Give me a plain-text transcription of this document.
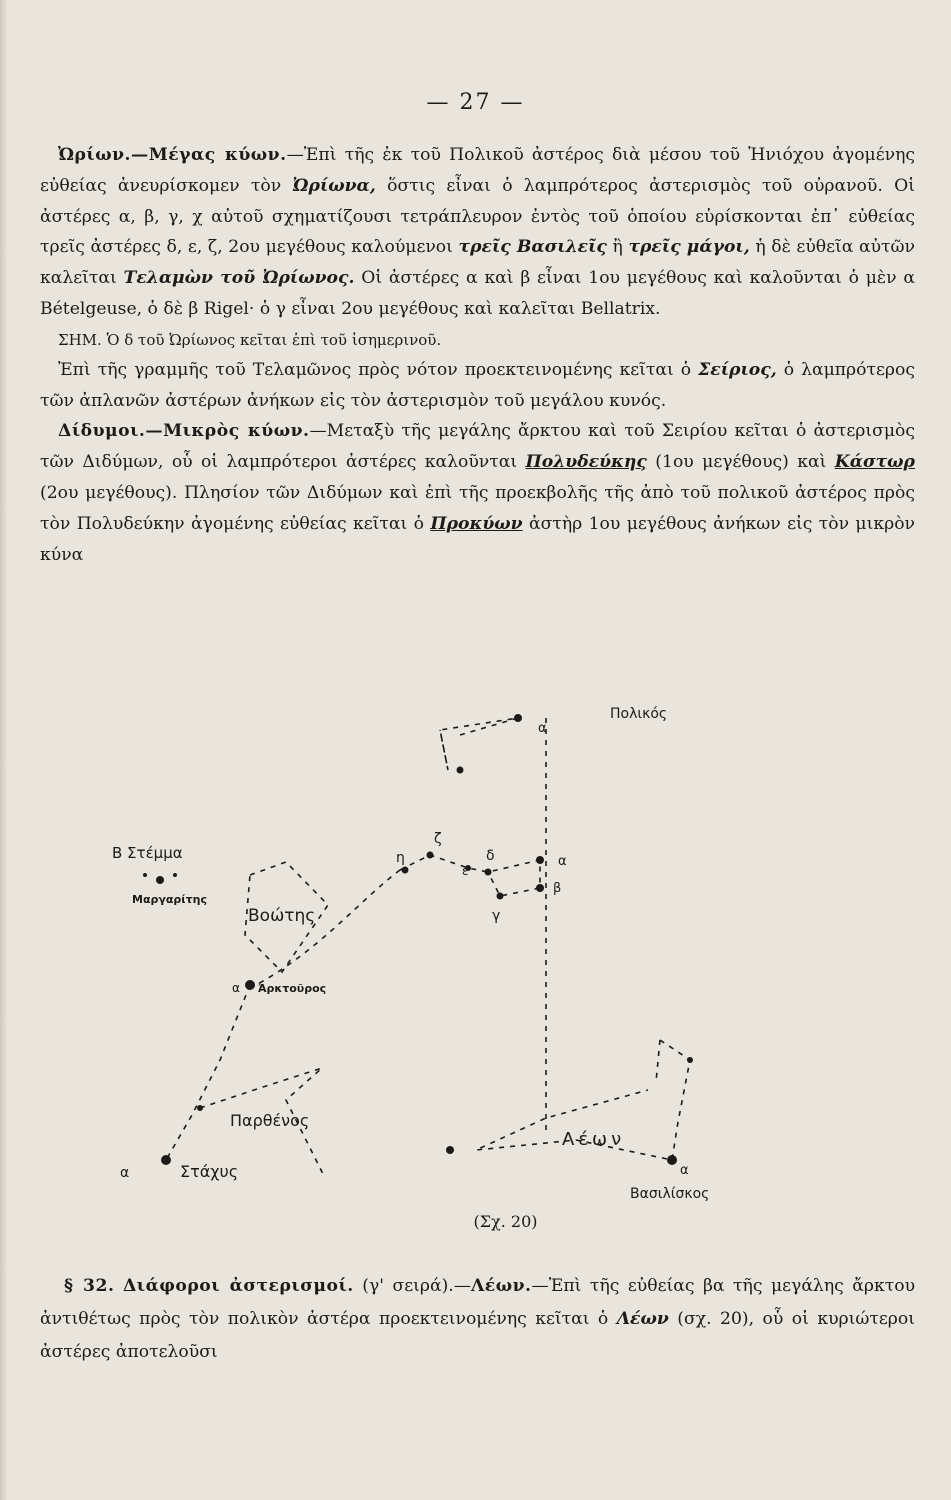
— 27 —

Ὠρίων.—Μέγας κύων.—Ἐπὶ τῆς ἐκ τοῦ Πολικοῦ ἀστέρος διὰ μέσου τοῦ Ἡνιόχου ἀγομένης εὐθείας ἀνευρίσκομεν τὸν Ὠρίωνα, ὅστις εἶναι ὁ λαμπρότερος ἀστερισμὸς τοῦ οὐρανοῦ. Οἱ ἀστέρες α, β, γ, χ αὐτοῦ σχηματίζουσι τετράπλευρον ἐντὸς τοῦ ὁποίου εὑρίσκονται ἐπ᾽ εὐθείας τρεῖς ἀστέρες δ, ε, ζ, 2ου μεγέθους καλούμενοι τρεῖς Βασιλεῖς ἢ τρεῖς μάγοι, ἡ δὲ εὐθεῖα αὐτῶν καλεῖται Τελαμὼν τοῦ Ὠρίωνος. Οἱ ἀστέρες α καὶ β εἶναι 1ου μεγέθους καὶ καλοῦνται ὁ μὲν α Bételgeuse, ὁ δὲ β Rigel· ὁ γ εἶναι 2ου μεγέθους καὶ καλεῖται Bellatrix.

ΣΗΜ. Ὁ δ τοῦ Ὠρίωνος κεῖται ἐπὶ τοῦ ἰσημερινοῦ.

Ἐπὶ τῆς γραμμῆς τοῦ Τελαμῶνος πρὸς νότον προεκτεινομένης κεῖται ὁ Σείριος, ὁ λαμπρότερος τῶν ἀπλανῶν ἀστέρων ἀνήκων εἰς τὸν ἀστερισμὸν τοῦ μεγάλου κυνός.

Δίδυμοι.—Μικρὸς κύων.—Μεταξὺ τῆς μεγάλης ἄρκτου καὶ τοῦ Σειρίου κεῖται ὁ ἀστερισμὸς τῶν Διδύμων, οὗ οἱ λαμπρότεροι ἀστέρες καλοῦνται Πολυδεύκης (1ου μεγέθους) καὶ Κάστωρ (2ου μεγέθους). Πλησίον τῶν Διδύμων καὶ ἐπὶ τῆς προεκβολῆς τῆς ἀπὸ τοῦ πολικοῦ ἀστέρος πρὸς τὸν Πολυδεύκην ἀγομένης εὐθείας κεῖται ὁ Προκύων ἀστὴρ 1ου μεγέθους ἀνήκων εἰς τὸν μικρὸν κύνα

Πολικός
α
α
β
γ
δ
ε
ζ
η
Β Στέμμα
Μαργαρίτης
Βοώτης
α Ἀρκτοῦρος
Παρθένος
α	Στάχυς
Λέων
α
Βασιλίσκος
(Σχ. 20)

§ 32. Διάφοροι ἀστερισμοί. (γ' σειρά).—Λέων.—Ἐπὶ τῆς εὐθείας βα τῆς μεγάλης ἄρκτου ἀντιθέτως πρὸς τὸν πολικὸν ἀστέρα προεκτεινομένης κεῖται ὁ Λέων (σχ. 20), οὗ οἱ κυριώτεροι ἀστέρες ἀποτελοῦσι
